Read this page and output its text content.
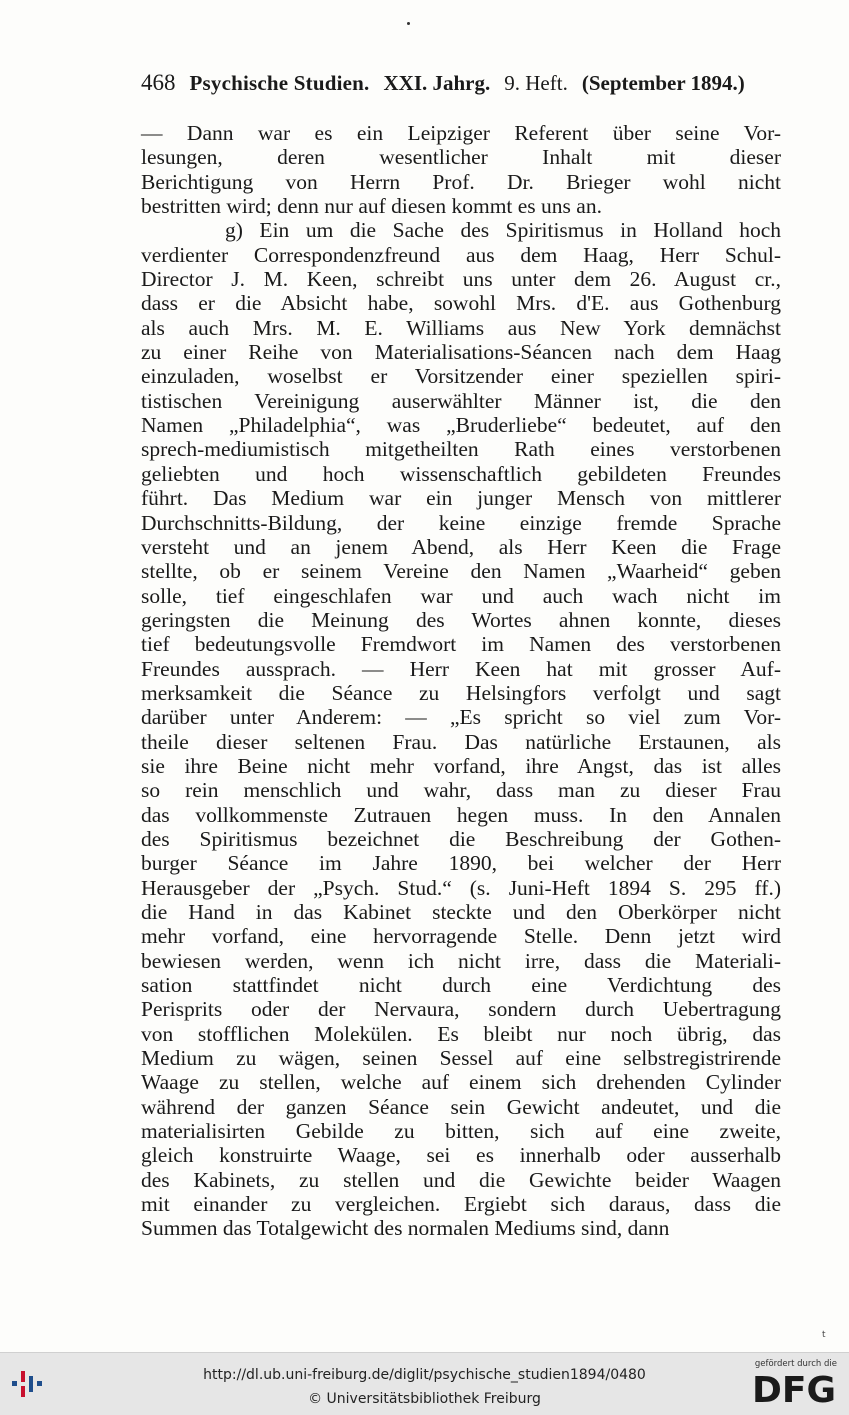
468 Psychische Studien. XXI. Jahrg. 9. Heft. (September 1894.)
— Dann war es ein Leipziger Referent über seine Vor-
lesungen, deren wesentlicher Inhalt mit dieser
Berichtigung von Herrn Prof. Dr. Brieger wohl nicht
bestritten wird; denn nur auf diesen kommt es uns an.
g) Ein um die Sache des Spiritismus in Holland hoch
verdienter Correspondenzfreund aus dem Haag, Herr Schul-
Director J. M. Keen, schreibt uns unter dem 26. August cr.,
dass er die Absicht habe, sowohl Mrs. d'E. aus Gothenburg
als auch Mrs. M. E. Williams aus New York demnächst
zu einer Reihe von Materialisations-Séancen nach dem Haag
einzuladen, woselbst er Vorsitzender einer speziellen spiri-
tistischen Vereinigung auserwählter Männer ist, die den
Namen „Philadelphia“, was „Bruderliebe“ bedeutet, auf den
sprech-mediumistisch mitgetheilten Rath eines verstorbenen
geliebten und hoch wissenschaftlich gebildeten Freundes
führt. Das Medium war ein junger Mensch von mittlerer
Durchschnitts-Bildung, der keine einzige fremde Sprache
versteht und an jenem Abend, als Herr Keen die Frage
stellte, ob er seinem Vereine den Namen „Waarheid“ geben
solle, tief eingeschlafen war und auch wach nicht im
geringsten die Meinung des Wortes ahnen konnte, dieses
tief bedeutungsvolle Fremdwort im Namen des verstorbenen
Freundes aussprach. — Herr Keen hat mit grosser Auf-
merksamkeit die Séance zu Helsingfors verfolgt und sagt
darüber unter Anderem: — „Es spricht so viel zum Vor-
theile dieser seltenen Frau. Das natürliche Erstaunen, als
sie ihre Beine nicht mehr vorfand, ihre Angst, das ist alles
so rein menschlich und wahr, dass man zu dieser Frau
das vollkommenste Zutrauen hegen muss. In den Annalen
des Spiritismus bezeichnet die Beschreibung der Gothen-
burger Séance im Jahre 1890, bei welcher der Herr
Herausgeber der „Psych. Stud.“ (s. Juni-Heft 1894 S. 295 ff.)
die Hand in das Kabinet steckte und den Oberkörper nicht
mehr vorfand, eine hervorragende Stelle. Denn jetzt wird
bewiesen werden, wenn ich nicht irre, dass die Materiali-
sation stattfindet nicht durch eine Verdichtung des
Perisprits oder der Nervaura, sondern durch Uebertragung
von stofflichen Molekülen. Es bleibt nur noch übrig, das
Medium zu wägen, seinen Sessel auf eine selbstregistrirende
Waage zu stellen, welche auf einem sich drehenden Cylinder
während der ganzen Séance sein Gewicht andeutet, und die
materialisirten Gebilde zu bitten, sich auf eine zweite,
gleich konstruirte Waage, sei es innerhalb oder ausserhalb
des Kabinets, zu stellen und die Gewichte beider Waagen
mit einander zu vergleichen. Ergiebt sich daraus, dass die
Summen das Totalgewicht des normalen Mediums sind, dann
t
http://dl.ub.uni-freiburg.de/diglit/psychische_studien1894/0480
© Universitätsbibliothek Freiburg
gefördert durch die
DFG
